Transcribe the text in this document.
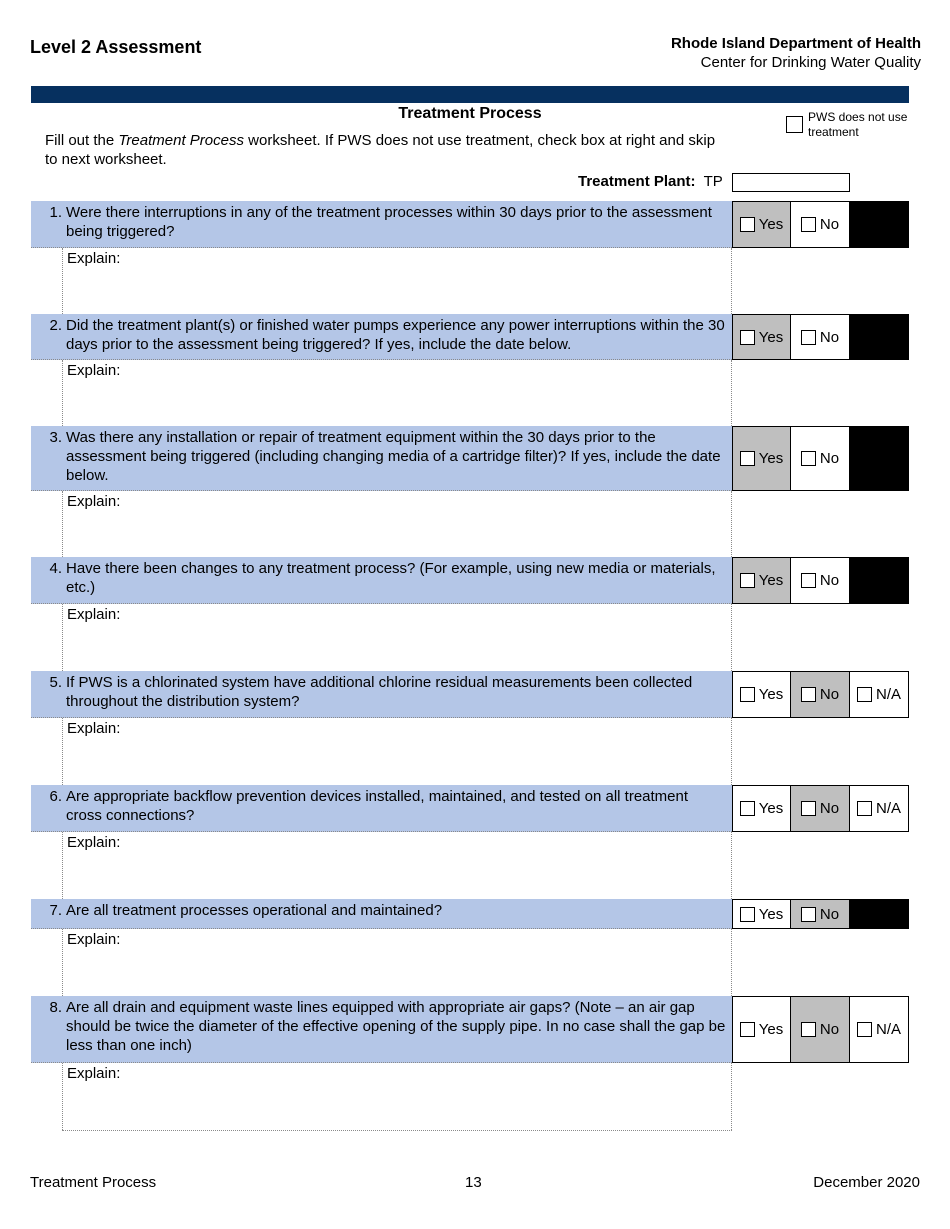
Level 2 Assessment	Rhode Island Department of Health
Center for Drinking Water Quality
Treatment Process
Fill out the Treatment Process worksheet. If PWS does not use treatment, check box at right and skip to next worksheet.
PWS does not use treatment
Treatment Plant: TP
1. Were there interruptions in any of the treatment processes within 30 days prior to the assessment being triggered?	Yes No
Explain:
2. Did the treatment plant(s) or finished water pumps experience any power interruptions within the 30 days prior to the assessment being triggered? If yes, include the date below.	Yes No
Explain:
3. Was there any installation or repair of treatment equipment within the 30 days prior to the assessment being triggered (including changing media of a cartridge filter)? If yes, include the date below.
Yes No
Explain:
4. Have there been changes to any treatment process? (For example, using new media or materials, etc.)	Yes No
Explain:
5. If PWS is a chlorinated system have additional chlorine residual measurements been collected throughout the distribution system?	Yes No N/A
Explain:
6. Are appropriate backflow prevention devices installed, maintained, and tested on all treatment cross connections?	Yes No N/A
Explain:
7. Are all treatment processes operational and maintained?	Yes No
Explain:
8. Are all drain and equipment waste lines equipped with appropriate air gaps? (Note – an air gap should be twice the diameter of the effective opening of the supply pipe. In no case shall the gap be less than one inch)
Yes No N/A
Explain:
Treatment Process	13	December 2020
